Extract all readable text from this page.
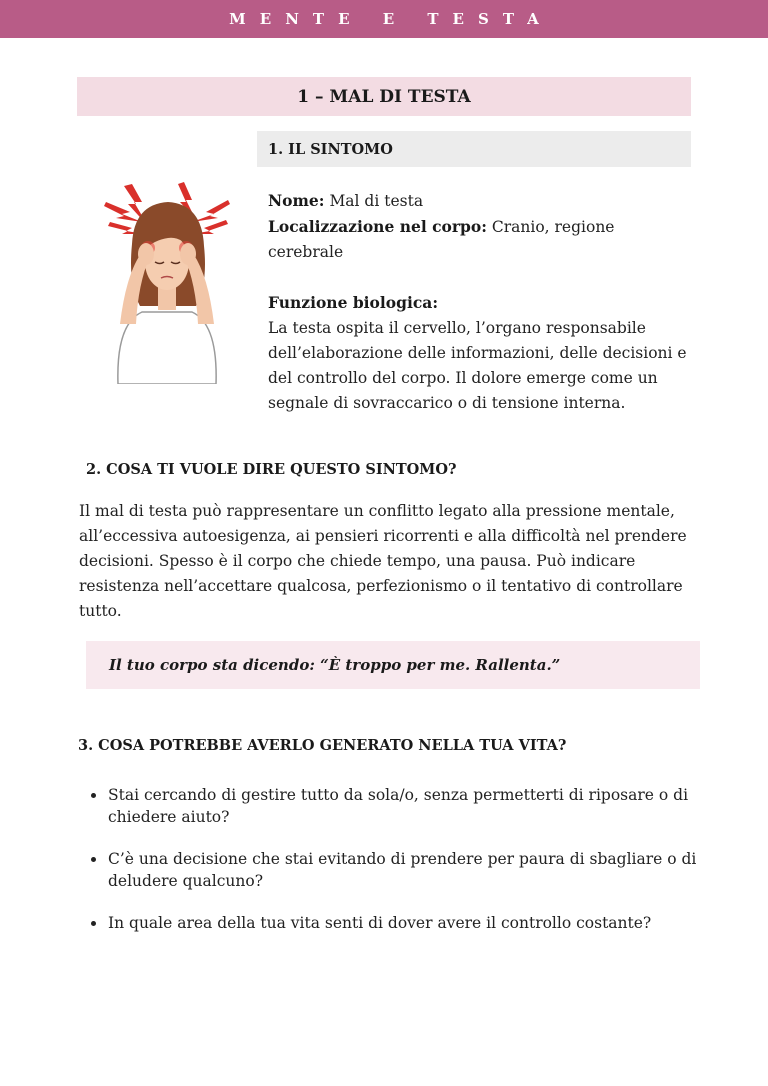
MENTE E TESTA
1 – MAL DI TESTA
1. IL SINTOMO

Nome: Mal di testa

Localizzazione nel corpo: Cranio, regione cerebrale

Funzione biologica:

La testa ospita il cervello, l’organo responsabile dell’elaborazione delle informazioni, delle decisioni e del controllo del corpo. Il dolore emerge come un segnale di sovraccarico o di tensione interna.

2. COSA TI VUOLE DIRE QUESTO SINTOMO?

Il mal di testa può rappresentare un conflitto legato alla pressione mentale, all’eccessiva autoesigenza, ai pensieri ricorrenti e alla difficoltà nel prendere decisioni. Spesso è il corpo che chiede tempo, una pausa. Può indicare resistenza nell’accettare qualcosa, perfezionismo o il tentativo di controllare tutto.

Il tuo corpo sta dicendo: “È troppo per me. Rallenta.”
3. COSA POTREBBE AVERLO GENERATO NELLA TUA VITA?
Stai cercando di gestire tutto da sola/o, senza permetterti di riposare o di chiedere aiuto?
C’è una decisione che stai evitando di prendere per paura di sbagliare o di deludere qualcuno?
In quale area della tua vita senti di dover avere il controllo costante?
